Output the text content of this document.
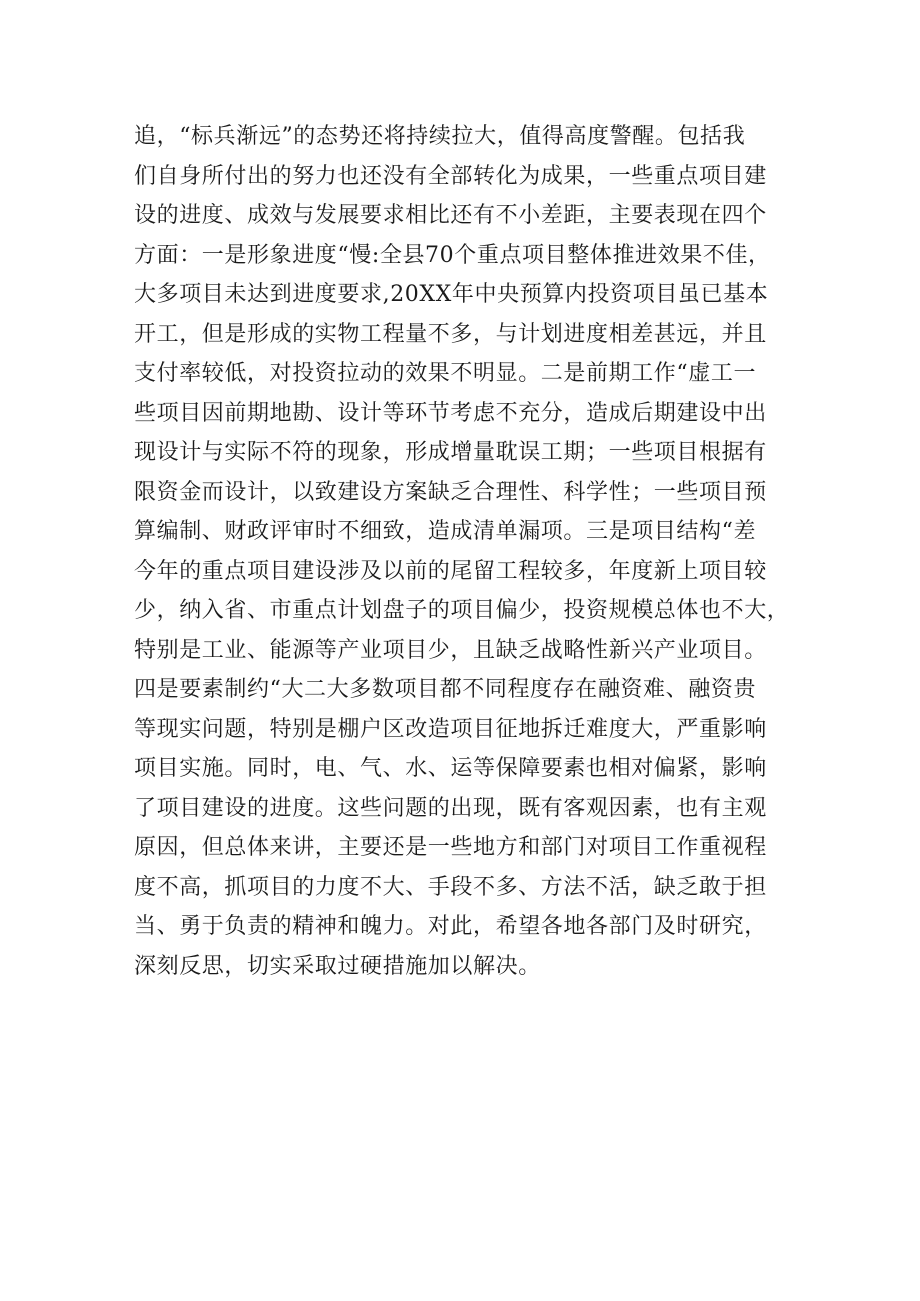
追，“标兵渐远”的态势还将持续拉大，值得高度警醒。包括我
们自身所付出的努力也还没有全部转化为成果，一些重点项目建
设的进度、成效与发展要求相比还有不小差距，主要表现在四个
方面：一是形象进度“慢:全县70个重点项目整体推进效果不佳，
大多项目未达到进度要求,20XX年中央预算内投资项目虽已基本
开工，但是形成的实物工程量不多，与计划进度相差甚远，并且
支付率较低，对投资拉动的效果不明显。二是前期工作“虚工一
些项目因前期地勘、设计等环节考虑不充分，造成后期建设中出
现设计与实际不符的现象，形成增量耽误工期；一些项目根据有
限资金而设计，以致建设方案缺乏合理性、科学性；一些项目预
算编制、财政评审时不细致，造成清单漏项。三是项目结构“差
今年的重点项目建设涉及以前的尾留工程较多，年度新上项目较
少，纳入省、市重点计划盘子的项目偏少，投资规模总体也不大，
特别是工业、能源等产业项目少，且缺乏战略性新兴产业项目。
四是要素制约“大二大多数项目都不同程度存在融资难、融资贵
等现实问题，特别是棚户区改造项目征地拆迁难度大，严重影响
项目实施。同时，电、气、水、运等保障要素也相对偏紧，影响
了项目建设的进度。这些问题的出现，既有客观因素，也有主观
原因，但总体来讲，主要还是一些地方和部门对项目工作重视程
度不高，抓项目的力度不大、手段不多、方法不活，缺乏敢于担
当、勇于负责的精神和魄力。对此，希望各地各部门及时研究，
深刻反思，切实采取过硬措施加以解决。
